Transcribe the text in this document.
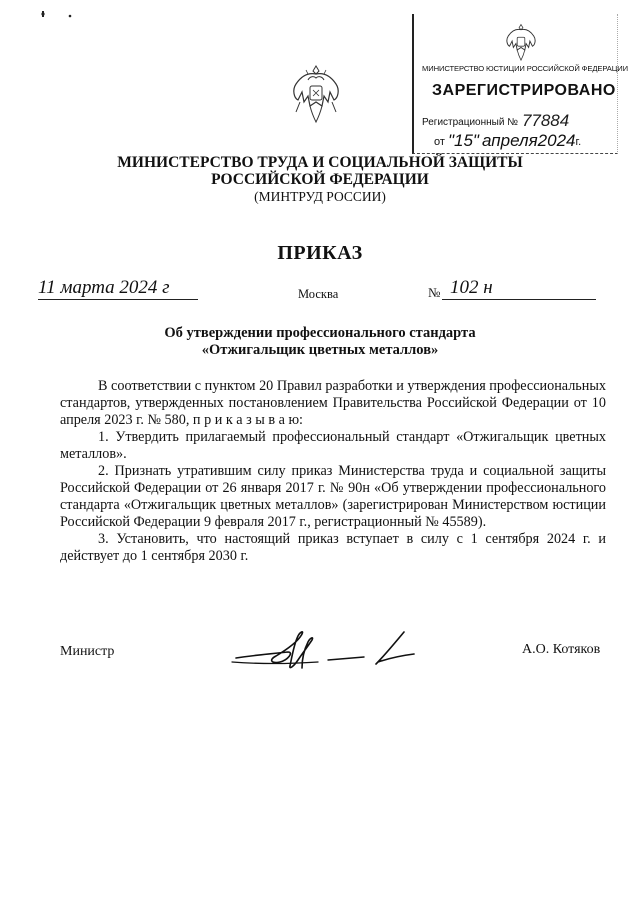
МИНИСТЕРСТВО ЮСТИЦИИ РОССИЙСКОЙ ФЕДЕРАЦИИ
ЗАРЕГИСТРИРОВАНО
Регистрационный № 77884
от "15" апреля2024г.
МИНИСТЕРСТВО ТРУДА И СОЦИАЛЬНОЙ ЗАЩИТЫ
РОССИЙСКОЙ ФЕДЕРАЦИИ
(МИНТРУД РОССИИ)
ПРИКАЗ
11 марта 2024 г	Москва	№ 102 н
Об утверждении профессионального стандарта
«Отжигальщик цветных металлов»

В соответствии с пунктом 20 Правил разработки и утверждения профессиональных стандартов, утвержденных постановлением Правительства Российской Федерации от 10 апреля 2023 г. № 580, п р и к а з ы в а ю:

1. Утвердить прилагаемый профессиональный стандарт «Отжигальщик цветных металлов».

2. Признать утратившим силу приказ Министерства труда и социальной защиты Российской Федерации от 26 января 2017 г. № 90н «Об утверждении профессионального стандарта «Отжигальщик цветных металлов» (зарегистрирован Министерством юстиции Российской Федерации 9 февраля 2017 г., регистрационный № 45589).

3. Установить, что настоящий приказ вступает в силу с 1 сентября 2024 г. и действует до 1 сентября 2030 г.

Министр	А.О. Котяков
